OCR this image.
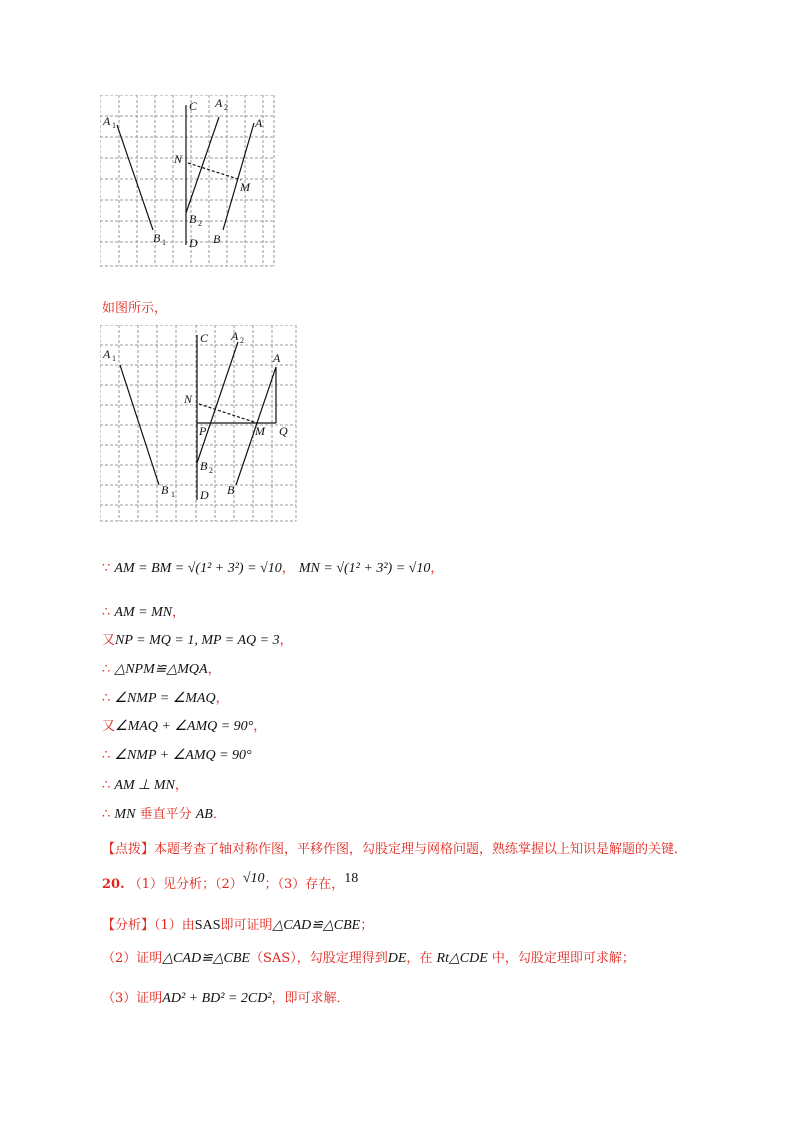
A 1
B 1
C A 2
A
N
M
B 2
D B
如图所示，
A 1
B 1
C A 2
A
N
P	M Q
B 2
D B
∵ AM = BM = √(1² + 3²) = √10， MN = √(1² + 3²) = √10，
∴ AM = MN，
又NP = MQ = 1, MP = AQ = 3，
∴ △NPM≌△MQA，
∴ ∠NMP = ∠MAQ，
又∠MAQ + ∠AMQ = 90°，
∴ ∠NMP + ∠AMQ = 90°
∴ AM ⊥ MN，
∴ MN 垂直平分 AB．
【点拨】本题考查了轴对称作图，平移作图，勾股定理与网格问题，熟练掌握以上知识是解题的关键．
20. （1）见分析；（2）√10；（3）存在，18
【分析】（1）由SAS即可证明△CAD≌△CBE；
（2）证明△CAD≌△CBE（SAS），勾股定理得到DE，在 Rt△CDE 中，勾股定理即可求解；
（3）证明AD² + BD² = 2CD²，即可求解．
